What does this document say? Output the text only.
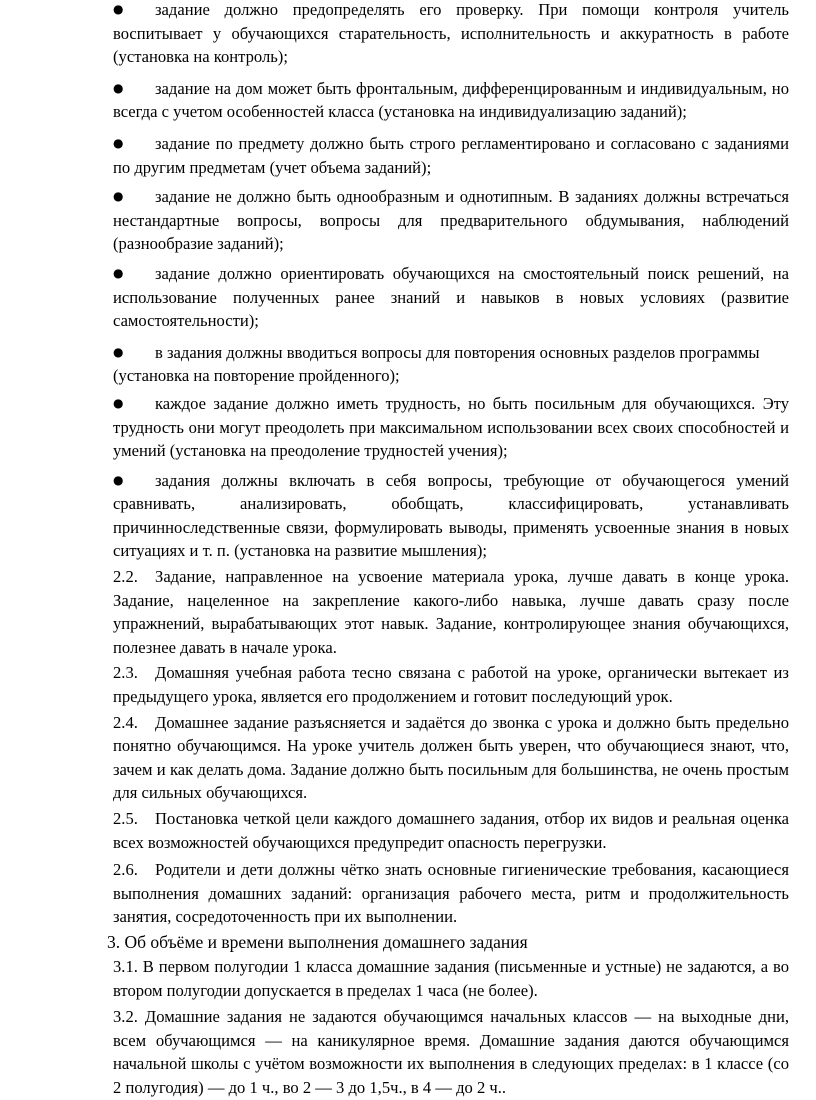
● задание должно предопределять его проверку. При помощи контроля учитель воспитывает у обучающихся старательность, исполнительность и аккуратность в работе (установка на контроль);

● задание на дом может быть фронтальным, дифференцированным и индивидуальным, но всегда с учетом особенностей класса (установка на индивидуализацию заданий);

● задание по предмету должно быть строго регламентировано и согласовано с заданиями по другим предметам (учет объема заданий);

● задание не должно быть однообразным и однотипным. В заданиях должны встречаться нестандартные вопросы, вопросы для предварительного обдумывания, наблюдений (разнообразие заданий);

● задание должно ориентировать обучающихся на смостоятельный поиск решений, на использование полученных ранее знаний и навыков в новых условиях (развитие самостоятельности);

● в задания должны вводиться вопросы для повторения основных разделов программы

(установка на повторение пройденного);

● каждое задание должно иметь трудность, но быть посильным для обучающихся. Эту трудность они могут преодолеть при максимальном использовании всех своих способностей и умений (установка на преодоление трудностей учения);

● задания должны включать в себя вопросы, требующие от обучающегося умений сравнивать, анализировать, обобщать, классифицировать, устанавливать причинноследственные связи, формулировать выводы, применять усвоенные знания в новых ситуациях и т. п. (установка на развитие мышления);

2.2. Задание, направленное на усвоение материала урока, лучше давать в конце урока. Задание, нацеленное на закрепление какого-либо навыка, лучше давать сразу после упражнений, вырабатывающих этот навык. Задание, контролирующее знания обучающихся, полезнее давать в начале урока.

2.3. Домашняя учебная работа тесно связана с работой на уроке, органически вытекает из предыдущего урока, является его продолжением и готовит последующий урок.

2.4. Домашнее задание разъясняется и задаётся до звонка с урока и должно быть предельно понятно обучающимся. На уроке учитель должен быть уверен, что обучающиеся знают, что, зачем и как делать дома. Задание должно быть посильным для большинства, не очень простым для сильных обучающихся.

2.5. Постановка четкой цели каждого домашнего задания, отбор их видов и реальная оценка всех возможностей обучающихся предупредит опасность перегрузки.

2.6. Родители и дети должны чётко знать основные гигиенические требования, касающиеся выполнения домашних заданий: организация рабочего места, ритм и продолжительность занятия, сосредоточенность при их выполнении.

3. Об объёме и времени выполнения домашнего задания

3.1. В первом полугодии 1 класса домашние задания (письменные и устные) не задаются, а во втором полугодии допускается в пределах 1 часа (не более).

3.2. Домашние задания не задаются обучающимся начальных классов — на выходные дни, всем обучающимся — на каникулярное время. Домашние задания даются обучающимся начальной школы с учётом возможности их выполнения в следующих пределах: в 1 классе (со 2 полугодия) — до 1 ч., во 2 — 3 до 1,5ч., в 4 — до 2 ч..
